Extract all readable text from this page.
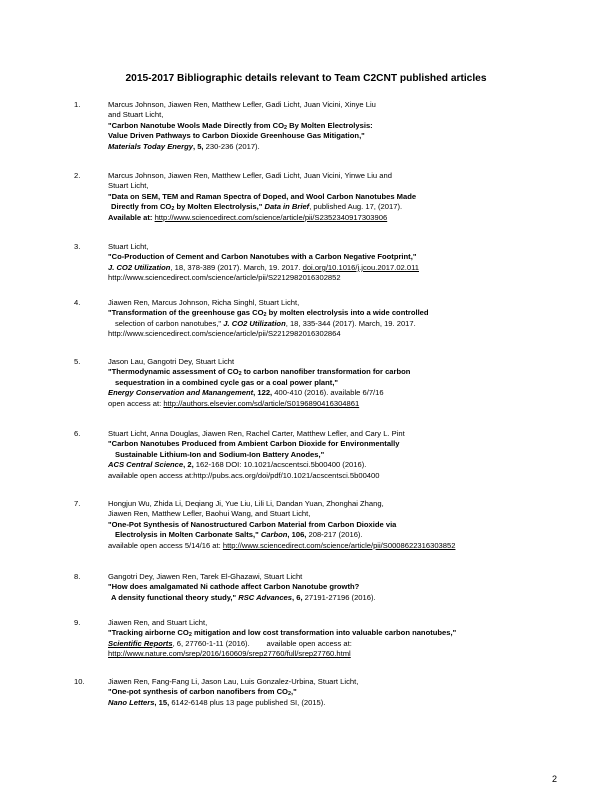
2015-2017 Bibliographic details relevant to Team C2CNT published articles
1.	Marcus Johnson, Jiawen Ren, Matthew Lefler, Gadi Licht, Juan Vicini, Xinye Liu
and Stuart Licht,
"Carbon Nanotube Wools Made Directly from $CO_2$ By Molten Electrolysis:
Value Driven Pathways to Carbon Dioxide Greenhouse Gas Mitigation,"
Materials Today Energy, 5, 230-236 (2017).
2.	Marcus Johnson, Jiawen Ren, Matthew Lefler, Gadi Licht, Juan Vicini, Yinwe Liu and
Stuart Licht,
"Data on SEM, TEM and Raman Spectra of Doped, and Wool Carbon Nanotubes Made
Directly from $CO_2$ by Molten Electrolysis," Data in Brief, published Aug. 17, (2017).
Available at: http://www.sciencedirect.com/science/article/pii/S2352340917303906
3.	Stuart Licht,
"Co-Production of Cement and Carbon Nanotubes with a Carbon Negative Footprint,"
J. CO2 Utilization, 18, 378-389 (2017). March, 19. 2017. doi.org/10.1016/j.jcou.2017.02.011
http://www.sciencedirect.com/science/article/pii/S2212982016302852
4.	Jiawen Ren, Marcus Johnson, Richa Singhl, Stuart Licht,
"Transformation of the greenhouse gas $CO_2$ by molten electrolysis into a wide controlled
selection of carbon nanotubes," J. CO2 Utilization, 18, 335-344 (2017). March, 19. 2017.
http://www.sciencedirect.com/science/article/pii/S2212982016302864
5.	Jason Lau, Gangotri Dey, Stuart Licht
"Thermodynamic assessment of $CO_2$ to carbon nanofiber transformation for carbon
sequestration in a combined cycle gas or a coal power plant,"
Energy Conservation and Manangement, 122, 400-410 (2016). available 6/7/16
open access at: http://authors.elsevier.com/sd/article/S0196890416304861
6.	Stuart Licht, Anna Douglas, Jiawen Ren, Rachel Carter, Matthew Lefler, and Cary L. Pint
"Carbon Nanotubes Produced from Ambient Carbon Dioxide for Environmentally
Sustainable Lithium-Ion and Sodium-Ion Battery Anodes,"
ACS Central Science, 2, 162-168 DOI: 10.1021/acscentsci.5b00400 (2016).
available open access at:http://pubs.acs.org/doi/pdf/10.1021/acscentsci.5b00400
7.	Hongjun Wu, Zhida Li, Deqiang Ji, Yue Liu, Lili Li, Dandan Yuan, Zhonghai Zhang,
Jiawen Ren, Matthew Lefler, Baohui Wang, and Stuart Licht,
"One-Pot Synthesis of Nanostructured Carbon Material from Carbon Dioxide via
Electrolysis in Molten Carbonate Salts," Carbon, 106, 208-217 (2016).
available open access 5/14/16 at: http://www.sciencedirect.com/science/article/pii/S0008622316303852
8.	Gangotri Dey, Jiawen Ren, Tarek El-Ghazawi, Stuart Licht
"How does amalgamated Ni cathode affect Carbon Nanotube growth?
A density functional theory study," RSC Advances, 6, 27191-27196 (2016).
9.	Jiawen Ren, and Stuart Licht,
"Tracking airborne $CO_2$ mitigation and low cost transformation into valuable carbon nanotubes,"
Scientific Reports, 6, 27760-1-11 (2016).        available open access at:
http://www.nature.com/srep/2016/160609/srep27760/full/srep27760.html
10.	Jiawen Ren, Fang-Fang Li, Jason Lau, Luis Gonzalez-Urbina, Stuart Licht,
"One-pot synthesis of carbon nanofibers from $CO_2$,"
Nano Letters, 15, 6142-6148 plus 13 page published SI, (2015).
2
